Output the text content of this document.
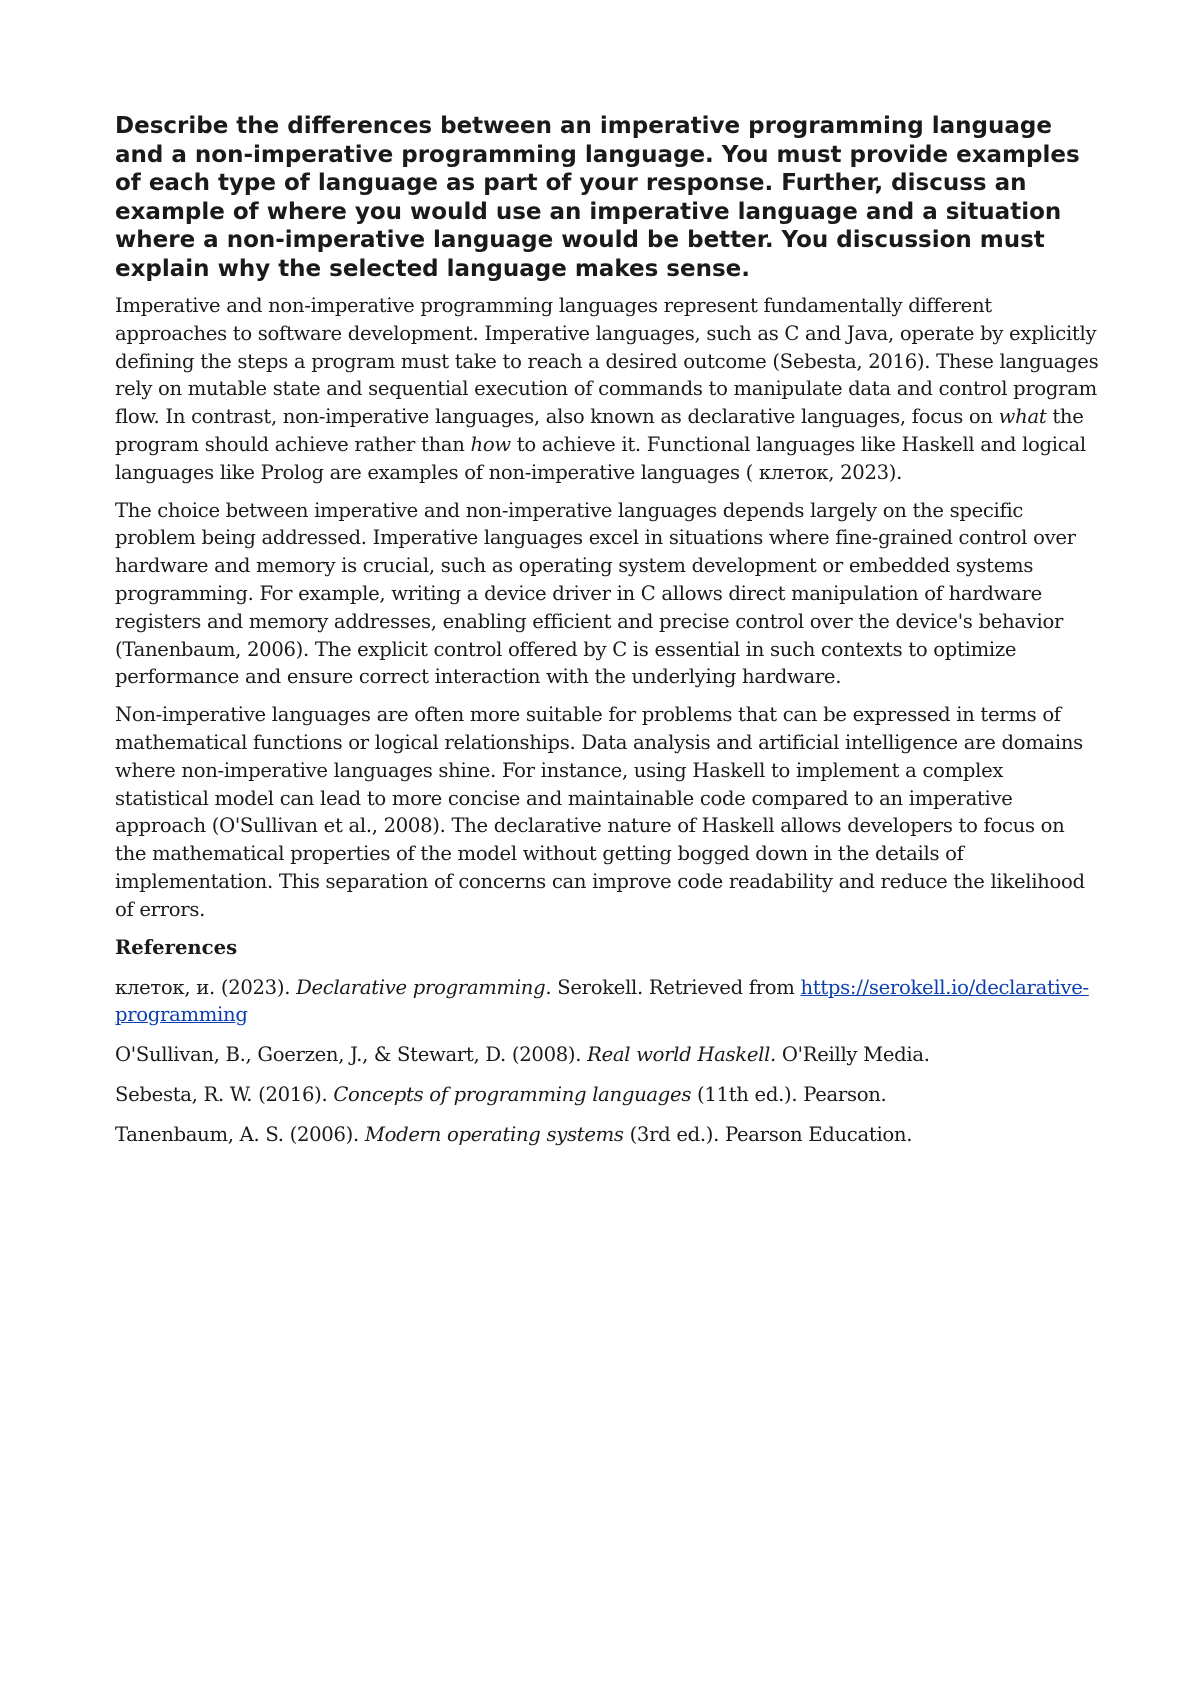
Describe the differences between an imperative programming language and a non-imperative programming language. You must provide examples of each type of language as part of your response. Further, discuss an example of where you would use an imperative language and a situation where a non-imperative language would be better. You discussion must explain why the selected language makes sense.

Imperative and non-imperative programming languages represent fundamentally different approaches to software development. Imperative languages, such as C and Java, operate by explicitly defining the steps a program must take to reach a desired outcome (Sebesta, 2016). These languages rely on mutable state and sequential execution of commands to manipulate data and control program flow. In contrast, non-imperative languages, also known as declarative languages, focus on what the program should achieve rather than how to achieve it. Functional languages like Haskell and logical languages like Prolog are examples of non-imperative languages ( клеток, 2023).

The choice between imperative and non-imperative languages depends largely on the specific problem being addressed. Imperative languages excel in situations where fine-grained control over hardware and memory is crucial, such as operating system development or embedded systems programming. For example, writing a device driver in C allows direct manipulation of hardware registers and memory addresses, enabling efficient and precise control over the device's behavior (Tanenbaum, 2006). The explicit control offered by C is essential in such contexts to optimize performance and ensure correct interaction with the underlying hardware.

Non-imperative languages are often more suitable for problems that can be expressed in terms of mathematical functions or logical relationships. Data analysis and artificial intelligence are domains where non-imperative languages shine. For instance, using Haskell to implement a complex statistical model can lead to more concise and maintainable code compared to an imperative approach (O'Sullivan et al., 2008). The declarative nature of Haskell allows developers to focus on the mathematical properties of the model without getting bogged down in the details of implementation. This separation of concerns can improve code readability and reduce the likelihood of errors.

References
клеток, и. (2023). Declarative programming. Serokell. Retrieved from https://serokell.io/declarative-programming
O'Sullivan, B., Goerzen, J., & Stewart, D. (2008). Real world Haskell. O'Reilly Media.
Sebesta, R. W. (2016). Concepts of programming languages (11th ed.). Pearson.
Tanenbaum, A. S. (2006). Modern operating systems (3rd ed.). Pearson Education.
